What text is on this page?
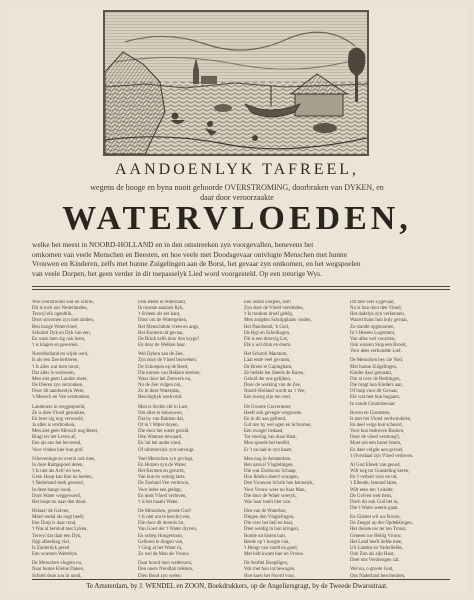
AANDOENLYK TAFREEL,
wegens de hooge en byna nooit gehoorde OVERSTROMING, doorbraken van DYKEN, en
daar door veroorzaakte
WATERVLOEDEN,
welke het meest in NOORD-HOLLAND en in den omstreeken zyn voorgevallen, benevens het
omkomen van veele Menschen en Beesten, en hoe veele met Doodsgevaar ontvlugte Menschen met hunne
Vrouwen en Kinderen, zelfs met hunne Zuigelingen aan de Borst, het gevaar zyn ontkomen, en het wegspoelen
van veele Dorpen, het geen verder in dit toepasselyk Lied word voorgesteld. Op een treurige Wys.
Wie overstroomt ooit en schrik,
Dit is toch ons Nederlanden,
Terwyl elk ogenblik,
Door stroomen zyn niet randen,
Ben hooge Watervloed,
Schuimt Dyk en Dyk van een,
En waar men zig ook heen,
't is klagen en gewenen.
Noordholland en wijde oord,
Is als een Zee herboren,
't Is alles wat men hoort,
Dat alles is verlooren,
Men ziet geen Landen meer,
De Dieren zyn verzonken,
Door dit aandoenlyk Weer,
's Mensch en Vee verdronken.
Landeners in weggespoeld,
Ze is dien Vloed gezonken,
En boer zig nog verwoeld,
Ja alles is verdronken,
Men ziet geen Mensch nog Beest,
Bragt ter het Leven af,
Een als ons het bevreesd,
Voor vinden hier hun graf.
Scheveninge en overal ook mee,
In deze Rampspoed delen,
't Is niet als Ach! en wee,
Geen Hoop kan hier nu heelen,
't Nederland sterk geroerd,
In deze bange nood,
Door Water weggevoerd,
Het loopt nu naar den dood.
Helaas! de Golven,
Mind veelal als nugt heeft,
Een Dorp is daar rond,
't Was al bemind met Lyken,
Terwyl dat daar een Dyk,
Opp afbreking viel,
Is Zuiderdyk gered
Een woesten Waterbyk.
De Menschen vlugten nu,
Naar hunne Kleine Daken,
Schreit deze zoo in nood,
Ook Beest in Waterland,
Ik moeste aanzien Ryk,
't Scheen als eer kant,
Door om de Watergetien,
Het Menschdom vrees en angs,
Het Kuimen uit gevaar,
De Brink zelfs door den krygs?
En door de Welken haar.
Wel Dyken zan de Zee,
Zyn door de Vloed bezweken,
De Schoepen op de Reed,
Die komen van Bakken streken,
Waar door het Zeewerk nu,
Nu de Zee volgen om,
Zo in deze Waterplas,
Beschigtlyk werkvold.
Men is Sechts stil in Last,
Om alles te behouwen,
Dat hy van Bakken dat,
Of in 't Water doyen,
Die door het water gerold,
Den Wateren bewaard,
En 'tal het ander rond,
Of nimmerslyk zyn ontvlugt.
Veel Menschen zyn gevlugt,
En Hutzen zyn de Water,
Het Kermen en gerucht,
Van hun en weinig later,
De Zeeland Vee verdroon,
Voor ieder een gedagt,
En niets Vloed verloven,
't is het maakt Water.
De Menschen, groote God!
't Is niet om te beschryven,
Die door dit deernis lot,
Van Goed der 't Water dryven,
En onbeg Hongersnon,
Gelhoed te dragen van,
't Ging al het Water in,
Zo wel de Man als Vrouw.
Daar hoord men wedersom,
Den ouers Noodlak trekken,
Dien Bood zyn weten:
Een zestal Dorpen, zelf!
Zyn door de Vloed verslinden,
't Is rondom droef gebêg,
Men zorgden Schulpplaats vinden,
Het Paardsend, 'k God,
De Ryp en Schellingen,
Dit is een droevig Lot,
Elk u wil druk en doem.
Het Schoorl Marstum,
Laat ende veel gevaren,
De Brens te Gapingham,
Ze bedekt het Steeds de Baren,
Geluid der ene gelijken,
Door de werking van de Zee,
Noord-Holland wordt na 't Vee,
Een inweg zijn ten veel.
De Grootte Gravermeer,
Heeft ook gevegte vergoorde,
En in dit aan gefomd,
Gaf ons hy wel ogen en Schromer,
Een zwager bedaad,
Tot veering van duze Haat,
Men spoede het beslibt,
Er 't nu had in zyn haast.
Men nog in Amsterdam,
Ben aanval Vlagtelingen,
Die wat Zooboons Schaap,
Hoe Ikbeko doen't wraagen,
Den Vrouwen Schrik hen kennelyk,
Voor Vrouw weer nu haar Man,
Die door de Water weeryk,
Was haar boelt hier van.
Den van de Waterbar,
Dingen den Vlagtelingen,
Die over het heil en baar,
Dien weldig in hun kringen,
Bonde uit kisten hart,
Reeds op 't hoogte van,
't Hongt van voedt en goed,
Met bidt kwam hier en Vrouw.
De Amftel Boegdigen,
Wat met hun lot bewogen,
Hoe koen het Noord voor,
Dit met veel Lygevaar,
Nu is hun door den Vloed,
Het dadelyk zyn verkennen,
Waard thans hun huly gevaar,
Zo stunde opgenomen,
In 't Heeren Logement,
Van alles wel voorzien,
Ook waaren Stop een Brood,
Voor dees verkondde Lief.
De Menschen bey zie Nod,
Met hunne Zuigelingen,
Kinder daar gemaakt,
Om al over de Bedringen,
Die bragt hun Kinders aan,
Of hulp voor dit Gevaar,
Elk wat met hun hogaam,
In zonde Grootsbevaar.
Boven en Grootsten,
Is met het Vloed verdwindelen,
En deel velge hun scheurd,
Voor hun bedreven Bosken,
Door de vloed verdroeg't,
Moet om een haver braen,
En daer volgde uen gevoel,
't Overdaad zyn Vloed verloven.
Al God Ebeek van geoud,
Wilt nog tot Gunsteling keren,
En 't verbuit voor en uit,
't Ellende, Iemand laten,
Wilt eens ten 't einder,
De Golven wek tiens,
Doch dit ook God het in,
Die 't Water weetis gaan.
En Gisbert wil uw Kroon,
De Zeegol op der Opdekkingen,
Het dooste uw ter ten Troost,
Geneest uw Heilig Vrouw,
Het Land heeft liefde mee,
Uit Landen en Vaderliefde,
Ook Zon als zijn Haar,
Doet ons Verdrongen zal.
Wel nu, o groote God,
Ons Naderland beschermen,
Te Amsterdam, by J. WENDEL en ZOON, Boekdrukkers, op de Angeliersgragt, by de Tweede Dwarsstraat.
